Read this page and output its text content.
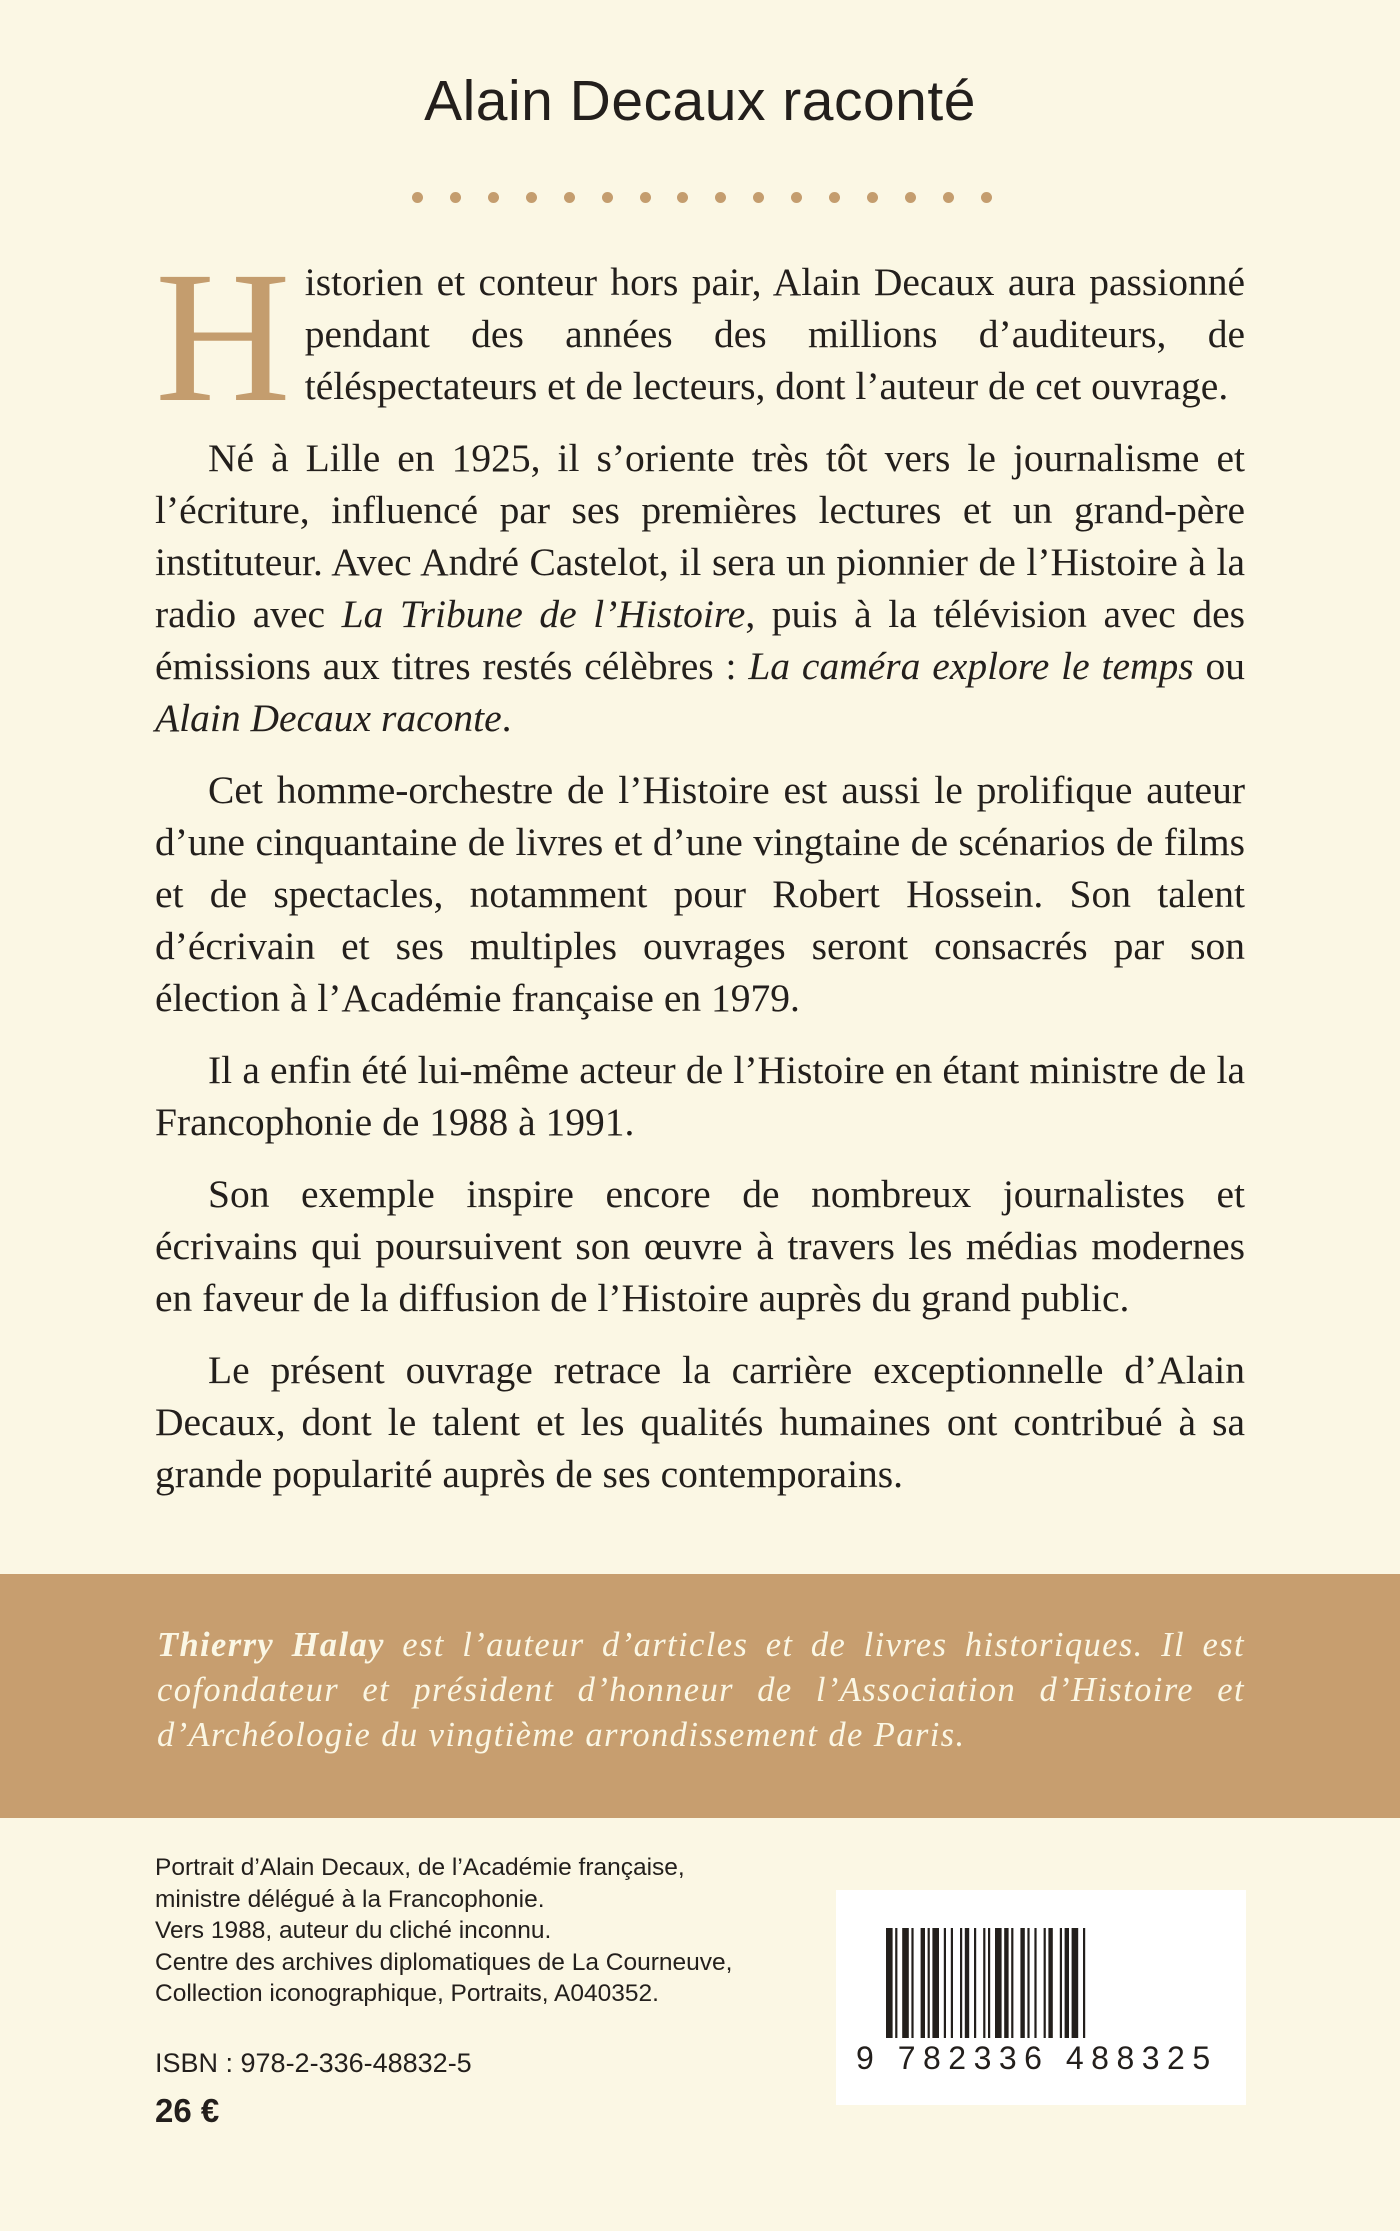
Alain Decaux raconté

Historien et conteur hors pair, Alain Decaux aura passionné pendant des années des millions d’auditeurs, de téléspectateurs et de lecteurs, dont l’auteur de cet ouvrage.

Né à Lille en 1925, il s’oriente très tôt vers le journalisme et l’écriture, influencé par ses premières lectures et un grand-père instituteur. Avec André Castelot, il sera un pionnier de l’Histoire à la radio avec La Tribune de l’Histoire, puis à la télévision avec des émissions aux titres restés célèbres : La caméra explore le temps ou Alain Decaux raconte.

Cet homme-orchestre de l’Histoire est aussi le prolifique auteur d’une cinquantaine de livres et d’une vingtaine de scénarios de films et de spectacles, notamment pour Robert Hossein. Son talent d’écrivain et ses multiples ouvrages seront consacrés par son élection à l’Académie française en 1979.

Il a enfin été lui-même acteur de l’Histoire en étant ministre de la Francophonie de 1988 à 1991.

Son exemple inspire encore de nombreux journalistes et écrivains qui poursuivent son œuvre à travers les médias modernes en faveur de la diffusion de l’Histoire auprès du grand public.

Le présent ouvrage retrace la carrière exceptionnelle d’Alain Decaux, dont le talent et les qualités humaines ont contribué à sa grande popularité auprès de ses contemporains.

Thierry Halay est l’auteur d’articles et de livres historiques. Il est cofondateur et président d’honneur de l’Association d’Histoire et d’Archéologie du vingtième arrondissement de Paris.
Portrait d’Alain Decaux, de l’Académie française,
ministre délégué à la Francophonie.
Vers 1988, auteur du cliché inconnu.
Centre des archives diplomatiques de La Courneuve,
Collection iconographique, Portraits, A040352.
ISBN : 978-2-336-48832-5
26 €
9 782336 488325
